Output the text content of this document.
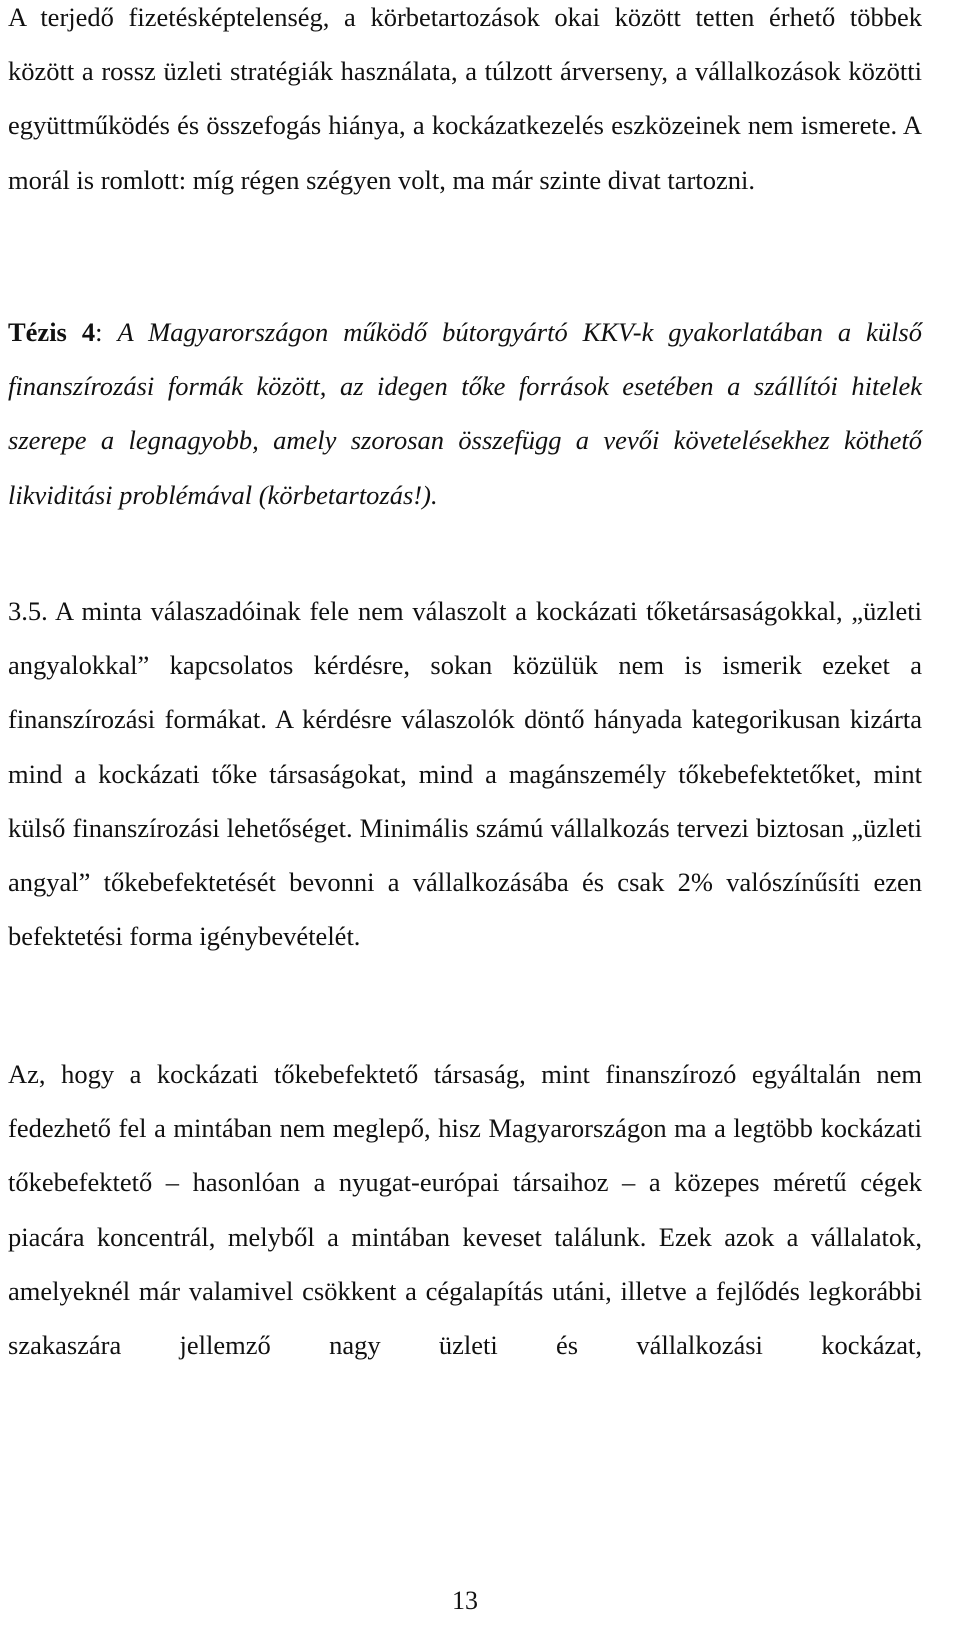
A terjedő fizetésképtelenség, a körbetartozások okai között tetten érhető többek között a rossz üzleti stratégiák használata, a túlzott árverseny, a vállalkozások közötti együttműködés és összefogás hiánya, a kockázatkezelés eszközeinek nem ismerete. A morál is romlott: míg régen szégyen volt, ma már szinte divat tartozni.

Tézis 4: A Magyarországon működő bútorgyártó KKV-k gyakorlatában a külső finanszírozási formák között, az idegen tőke források esetében a szállítói hitelek szerepe a legnagyobb, amely szorosan összefügg a vevői követelésekhez köthető likviditási problémával (körbetartozás!).

3.5. A minta válaszadóinak fele nem válaszolt a kockázati tőketársaságokkal, „üzleti angyalokkal” kapcsolatos kérdésre, sokan közülük nem is ismerik ezeket a finanszírozási formákat. A kérdésre válaszolók döntő hányada kategorikusan kizárta mind a kockázati tőke társaságokat, mind a magánszemély tőkebefektetőket, mint külső finanszírozási lehetőséget. Minimális számú vállalkozás tervezi biztosan „üzleti angyal” tőkebefektetését bevonni a vállalkozásába és csak 2% valószínűsíti ezen befektetési forma igénybevételét.

Az, hogy a kockázati tőkebefektető társaság, mint finanszírozó egyáltalán nem fedezhető fel a mintában nem meglepő, hisz Magyarországon ma a legtöbb kockázati tőkebefektető – hasonlóan a nyugat-európai társaihoz – a közepes méretű cégek piacára koncentrál, melyből a mintában keveset találunk. Ezek azok a vállalatok, amelyeknél már valamivel csökkent a cégalapítás utáni, illetve a fejlődés legkorábbi szakaszára jellemző nagy üzleti és vállalkozási kockázat,

13
